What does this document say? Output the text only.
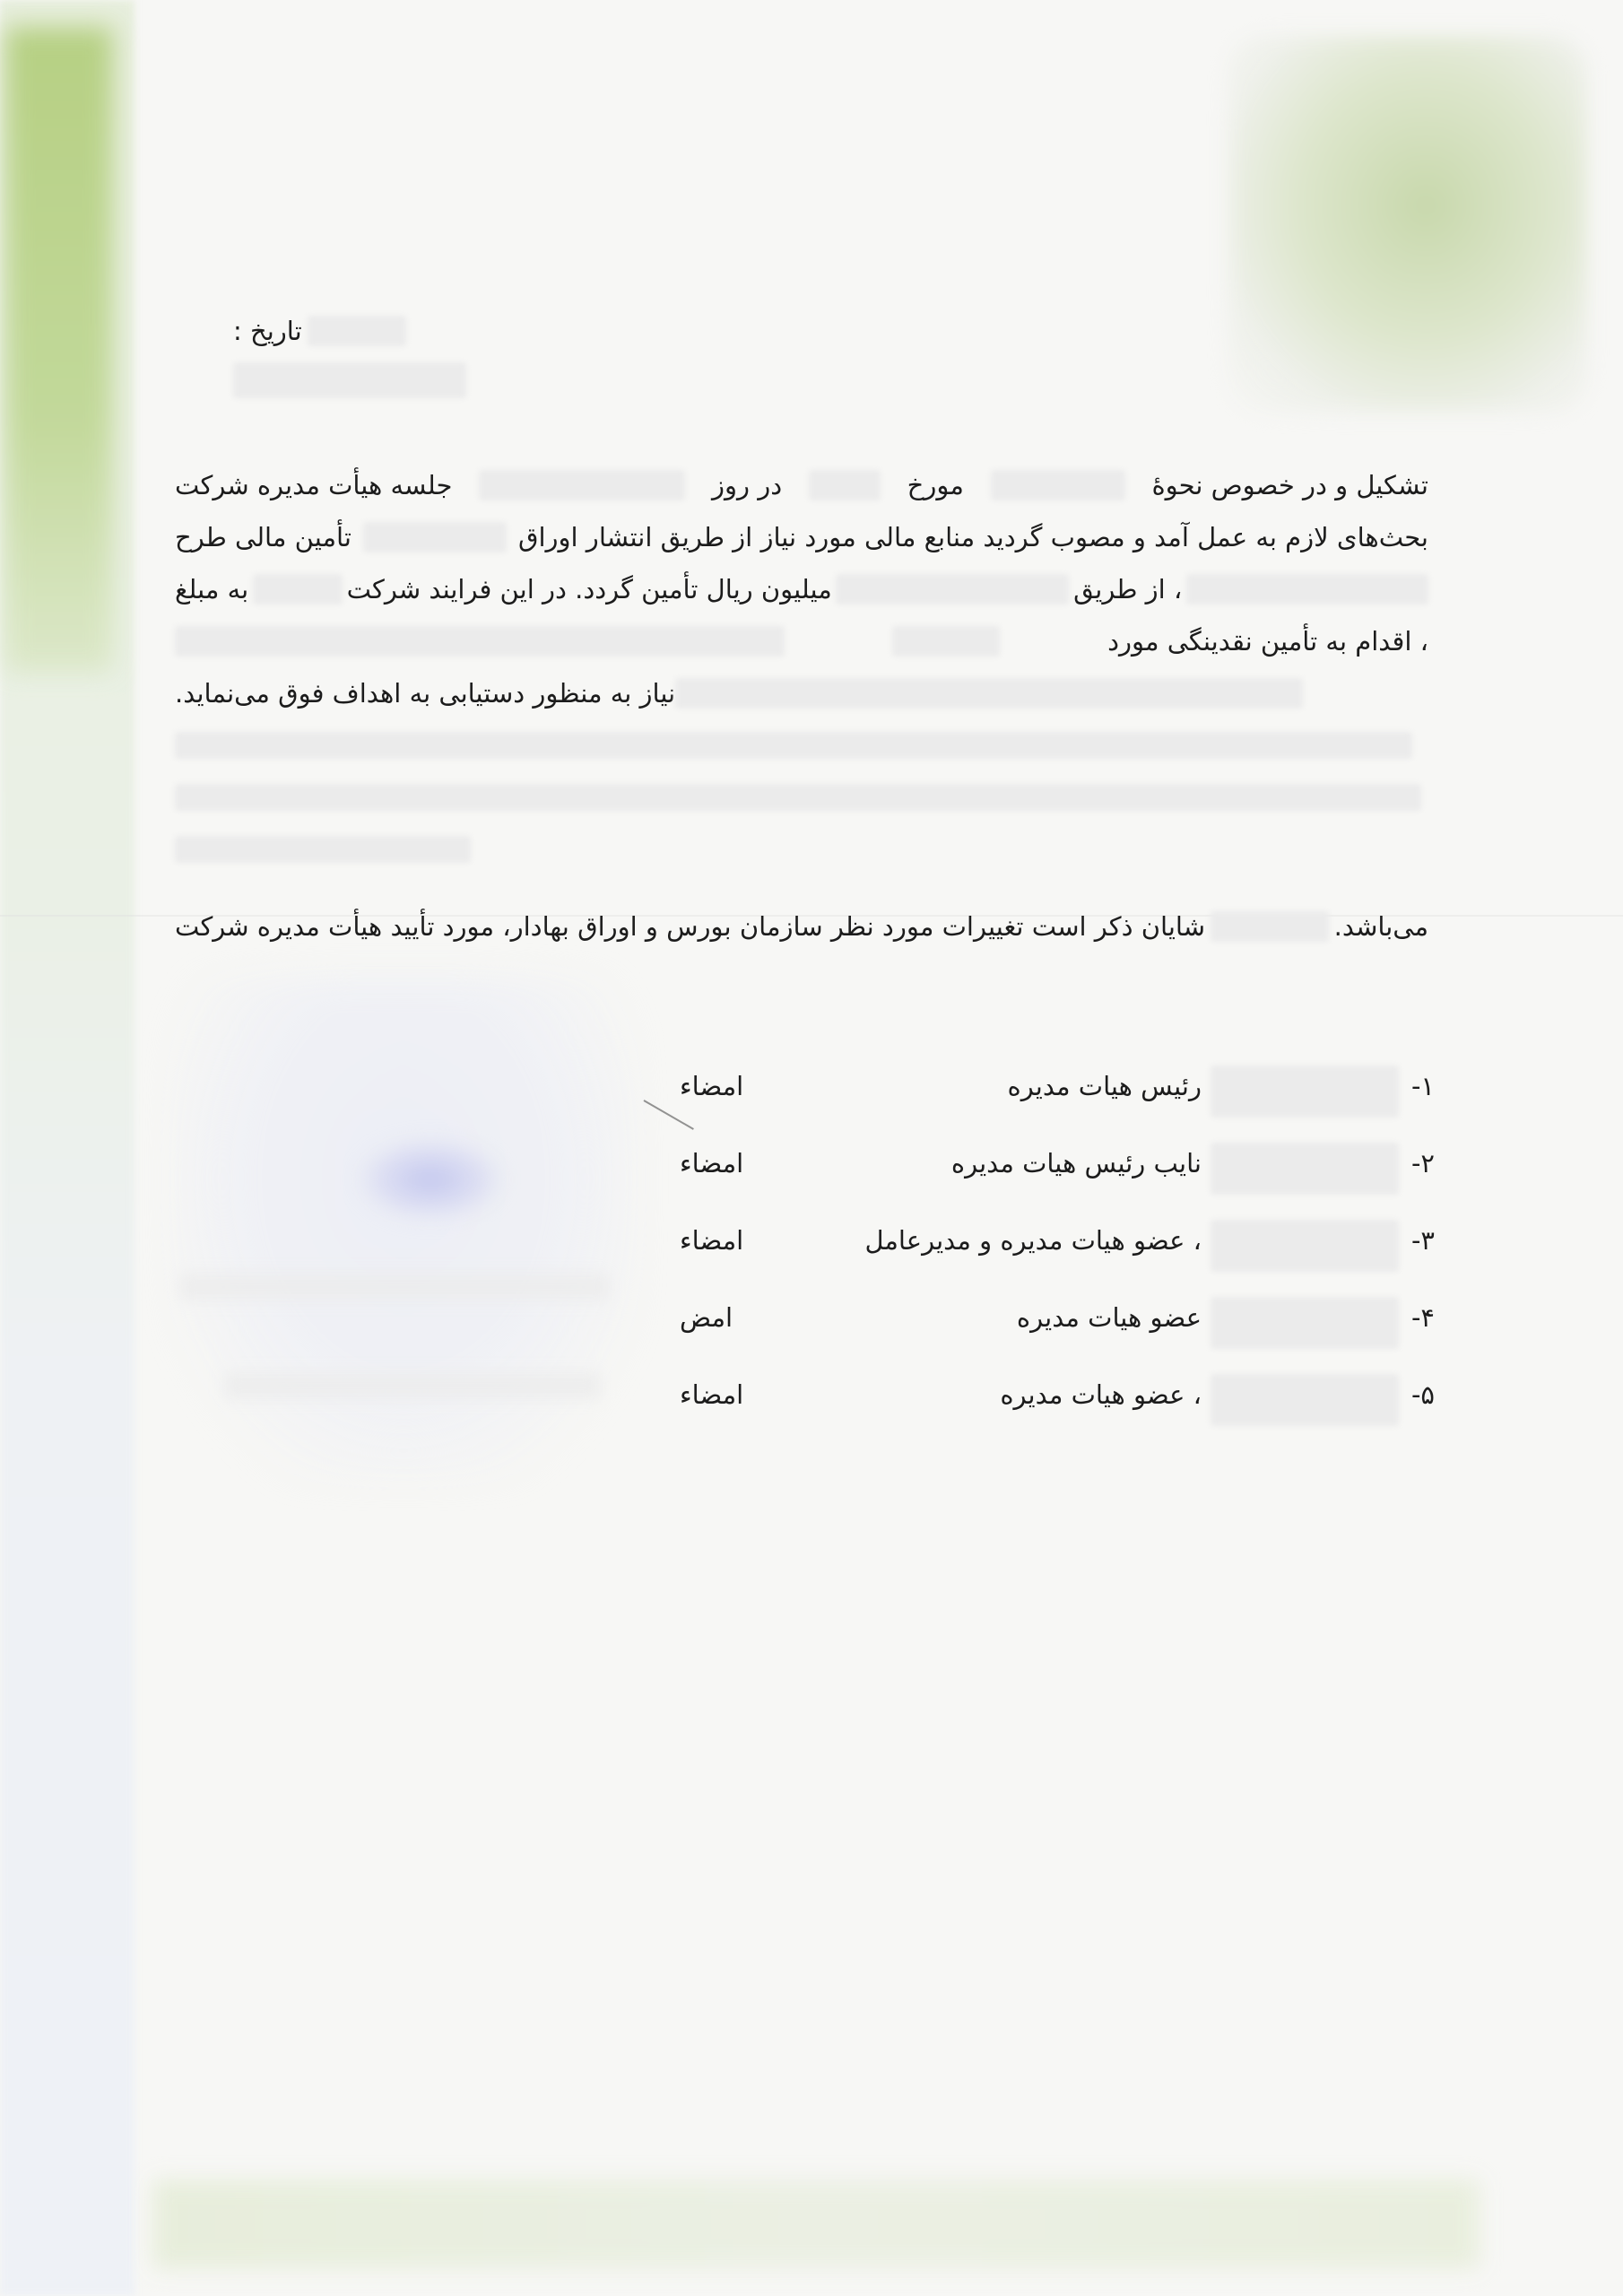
تاریخ :
جلسه هیأت مدیره شرکت	در روز	مورخ	تشکیل و در خصوص نحوهٔ
تأمین مالی طرح	بحث‌های لازم به عمل آمد و مصوب گردید منابع مالی مورد نیاز از طریق انتشار اوراق
به مبلغ	میلیون ریال تأمین گردد. در این فرایند شرکت	، از طریق
، اقدام به تأمین نقدینگی مورد
نیاز به منظور دستیابی به اهداف فوق می‌نماید.
شایان ذکر است تغییرات مورد نظر سازمان بورس و اوراق بهادار، مورد تأیید هیأت مدیره شرکت	می‌باشد.
۱-
رئیس هیات مدیره
امضاء
۲-
نایب رئیس هیات مدیره
امضاء
۳-
، عضو هیات مدیره و مدیرعامل
امضاء
۴-
عضو هیات مدیره
امض
۵-
، عضو هیات مدیره
امضاء
